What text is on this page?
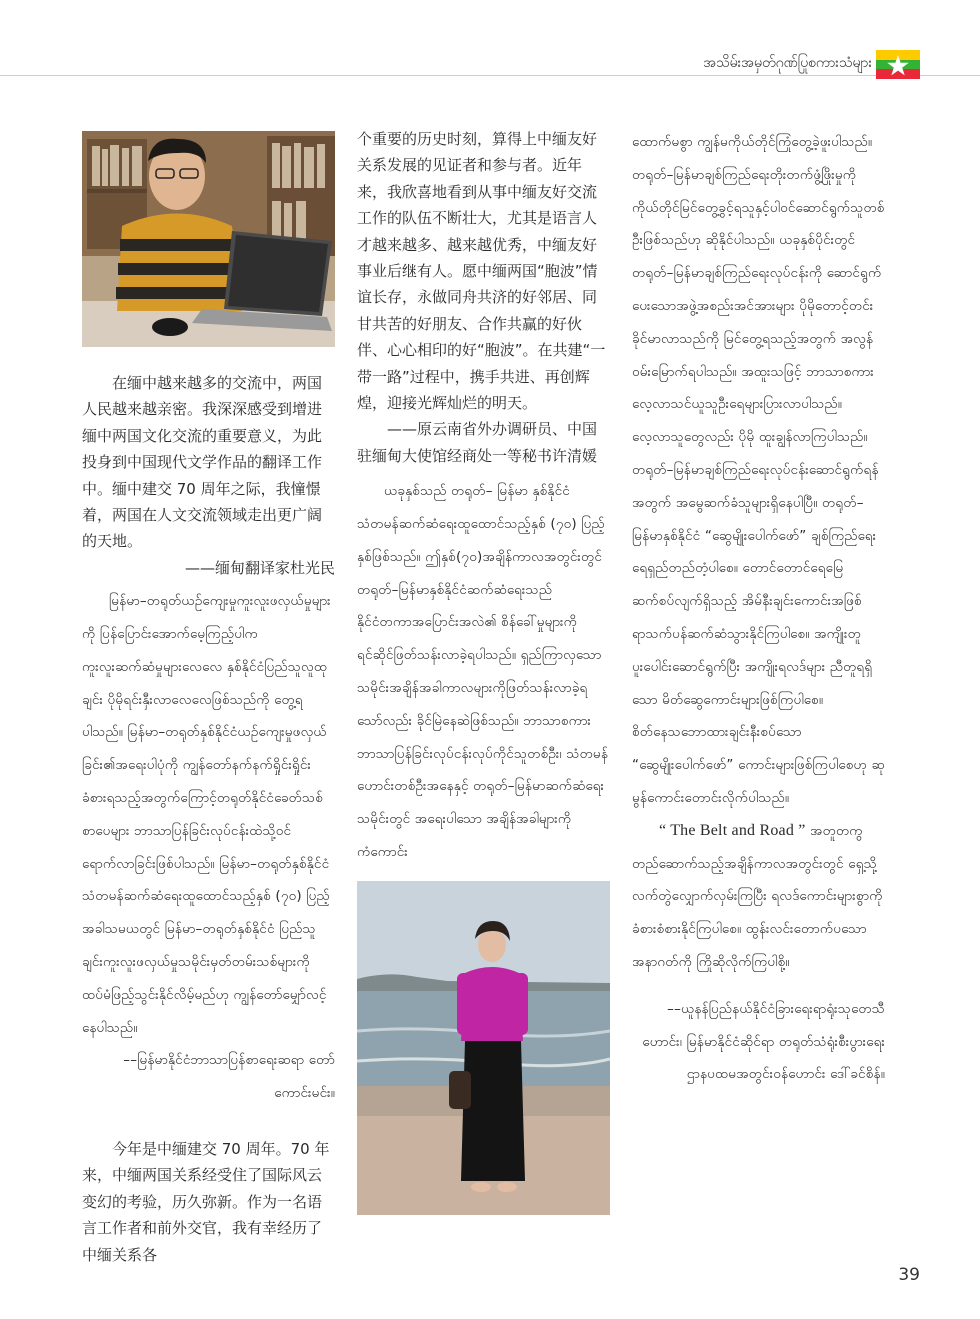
အသိမ်းအမှတ်ဂုဏ်ပြုစကားသံများ

在缅中越来越多的交流中，两国人民越来越亲密。我深深感受到增进缅中两国文化交流的重要意义，为此投身到中国现代文学作品的翻译工作中。缅中建交 70 周年之际，我憧憬着，两国在人文交流领域走出更广阔的天地。

——缅甸翻译家杜光民

မြန်မာ–တရုတ်ယဉ်ကျေးမှုကူးလူးဖလှယ်မှုများကို ပြန်ပြောင်းအောက်မေ့ကြည့်ပါက ကူးလူးဆက်ဆံမှုများလေလေ နှစ်နိုင်ငံပြည်သူလူထုချင်း ပိုမိုရင်းနှီးလာလေလေဖြစ်သည်ကို တွေ့ရပါသည်။ မြန်မာ–တရုတ်နှစ်နိုင်ငံယဉ်ကျေးမှုဖလှယ်ခြင်း၏အရေးပါပုံကို ကျွန်တော်နက်နက်ရှိုင်းရှိုင်းခံစားရသည့်အတွက်ကြောင့်တရုတ်နိုင်ငံခေတ်သစ်စာပေများ ဘာသာပြန်ခြင်းလုပ်ငန်းထဲသို့ဝင်ရောက်လာခြင်းဖြစ်ပါသည်။ မြန်မာ–တရုတ်နှစ်နိုင်ငံ သံတမန်ဆက်ဆံရေးထူထောင်သည့်နှစ် (၇၀) ပြည့်အခါသမယတွင် မြန်မာ–တရုတ်နှစ်နိုင်ငံ ပြည်သူချင်းကူးလူးဖလှယ်မှုသမိုင်းမှတ်တမ်းသစ်များကို ထပ်မံဖြည့်သွင်းနိုင်လိမ့်မည်ဟု ကျွန်တော်မျှော်လင့်နေပါသည်။

––မြန်မာနိုင်ငံဘာသာပြန်စာရေးဆရာ တော်ကောင်းမင်း။

今年是中缅建交 70 周年。70 年来，中缅两国关系经受住了国际风云变幻的考验，历久弥新。作为一名语言工作者和前外交官，我有幸经历了中缅关系各

个重要的历史时刻，算得上中缅友好关系发展的见证者和参与者。近年来，我欣喜地看到从事中缅友好交流工作的队伍不断壮大，尤其是语言人才越来越多、越来越优秀，中缅友好事业后继有人。愿中缅两国“胞波”情谊长存，永做同舟共济的好邻居、同甘共苦的好朋友、合作共赢的好伙伴、心心相印的好“胞波”。在共建“一带一路”过程中，携手共进、再创辉煌，迎接光辉灿烂的明天。

——原云南省外办调研员、中国驻缅甸大使馆经商处一等秘书许清媛

ယခုနှစ်သည် တရုတ်– မြန်မာ နှစ်နိုင်ငံ သံတမန်ဆက်ဆံရေးထူထောင်သည့်နှစ် (၇၀) ပြည့်နှစ်ဖြစ်သည်။ ဤနှစ်(၇၀)အချိန်ကာလအတွင်းတွင် တရုတ်–မြန်မာနှစ်နိုင်ငံဆက်ဆံရေးသည် နိုင်ငံတကာအပြောင်းအလဲ၏ စိန်ခေါ်မှုများကို ရင်ဆိုင်ဖြတ်သန်းလာခဲ့ရပါသည်။ ရှည်ကြာလှသော သမိုင်းအချိန်အခါကာလများကိုဖြတ်သန်းလာခဲ့ရသော်လည်း ခိုင်မြဲနေဆဲဖြစ်သည်။ ဘာသာစကား ဘာသာပြန်ခြင်းလုပ်ငန်းလုပ်ကိုင်သူတစ်ဦး၊ သံတမန်ဟောင်းတစ်ဦးအနေနှင့် တရုတ်–မြန်မာဆက်ဆံရေးသမိုင်းတွင် အရေးပါသော အချိန်အခါများကို ကံကောင်း

ထောက်မစွာ ကျွန်မကိုယ်တိုင်ကြုံတွေ့ခဲ့ဖူးပါသည်။ တရုတ်–မြန်မာချစ်ကြည်ရေးတိုးတက်ဖွံ့ဖြိုးမှုကို ကိုယ်တိုင်မြင်တွေ့ခွင့်ရသူနှင့်ပါဝင်ဆောင်ရွက်သူတစ်ဦးဖြစ်သည်ဟု ဆိုနိုင်ပါသည်။ ယခုနှစ်ပိုင်းတွင် တရုတ်–မြန်မာချစ်ကြည်ရေးလုပ်ငန်းကို ဆောင်ရွက်ပေးသောအဖွဲ့အစည်းအင်အားများ ပိုမိုတောင့်တင်းခိုင်မာလာသည်ကို မြင်တွေ့ရသည့်အတွက် အလွန်ဝမ်းမြောက်ရပါသည်။ အထူးသဖြင့် ဘာသာစကားလေ့လာသင်ယူသူဦးရေများပြားလာပါသည်။ လေ့လာသူတွေလည်း ပိုမို ထူးချွန်လာကြပါသည်။ တရုတ်–မြန်မာချစ်ကြည်ရေးလုပ်ငန်းဆောင်ရွက်ရန်အတွက် အမွေဆက်ခံသူများရှိနေပါပြီ။ တရုတ်–မြန်မာနှစ်နိုင်ငံ “ဆွေမျိုးပေါက်ဖော်” ချစ်ကြည်ရေးရေရှည်တည်တံ့ပါစေ။ တောင်တောင်ရေမြေဆက်စပ်လျက်ရှိသည့် အိမ်နီးချင်းကောင်းအဖြစ် ရာသက်ပန်ဆက်ဆံသွားနိုင်ကြပါစေ။ အကျိုးတူပူးပေါင်းဆောင်ရွက်ပြီး အကျိုးရလဒ်များ ညီတူရရှိသော မိတ်ဆွေကောင်းများဖြစ်ကြပါစေ။ စိတ်နေသဘောထားချင်းနီးစပ်သော “ဆွေမျိုးပေါက်ဖော်” ကောင်းများဖြစ်ကြပါစေဟု ဆုမွန်ကောင်းတောင်းလိုက်ပါသည်။

“ The Belt and Road ” အတူတကွတည်ဆောက်သည့်အချိန်ကာလအတွင်းတွင် ရှေ့သို့လက်တွဲလျှောက်လှမ်းကြပြီး ရလဒ်ကောင်းများစွာကို ခံစားစံစားနိုင်ကြပါစေ။ ထွန်းလင်းတောက်ပသော အနာဂတ်ကို ကြိုဆိုလိုက်ကြပါစို့။

––ယူနန်ပြည်နယ်နိုင်ငံခြားရေးရာရုံးသုတေသီဟောင်း၊ မြန်မာနိုင်ငံဆိုင်ရာ တရုတ်သံရုံးစီးပွားရေးဌာနပထမအတွင်းဝန်ဟောင်း ဒေါ်ခင်စိန်။

39
